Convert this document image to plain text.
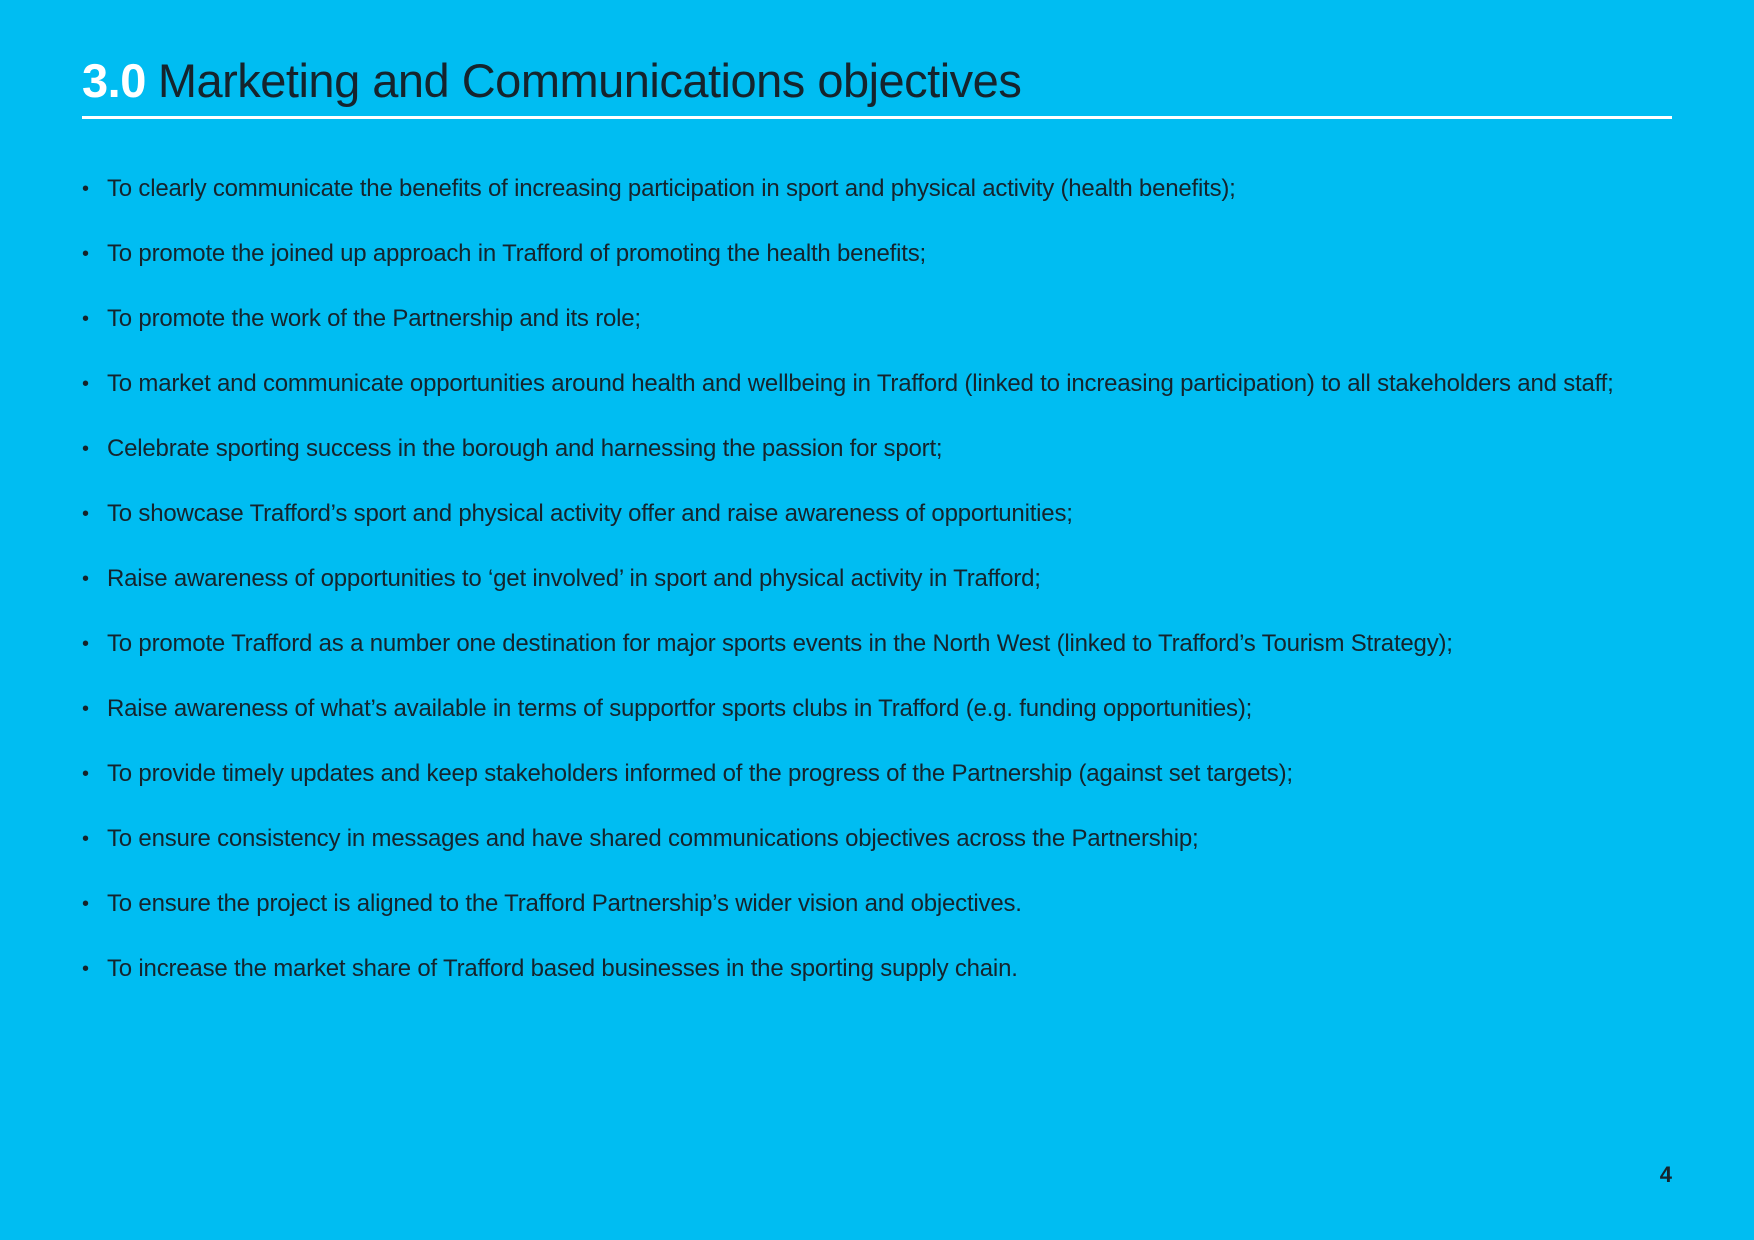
3.0 Marketing and Communications objectives
• To clearly communicate the benefits of increasing participation in sport and physical activity (health benefits);
• To promote the joined up approach in Trafford of promoting the health benefits;
• To promote the work of the Partnership and its role;
• To market and communicate opportunities around health and wellbeing in Trafford (linked to increasing participation) to all stakeholders and staff;
• Celebrate sporting success in the borough and harnessing the passion for sport;
• To showcase Trafford’s sport and physical activity offer and raise awareness of opportunities;
• Raise awareness of opportunities to ‘get involved’ in sport and physical activity in Trafford;
• To promote Trafford as a number one destination for major sports events in the North West (linked to Trafford’s Tourism Strategy);
• Raise awareness of what’s available in terms of supportfor sports clubs in Trafford (e.g. funding opportunities);
• To provide timely updates and keep stakeholders informed of the progress of the Partnership (against set targets);
• To ensure consistency in messages and have shared communications objectives across the Partnership;
• To ensure the project is aligned to the Trafford Partnership’s wider vision and objectives.
• To increase the market share of Trafford based businesses in the sporting supply chain.
4
